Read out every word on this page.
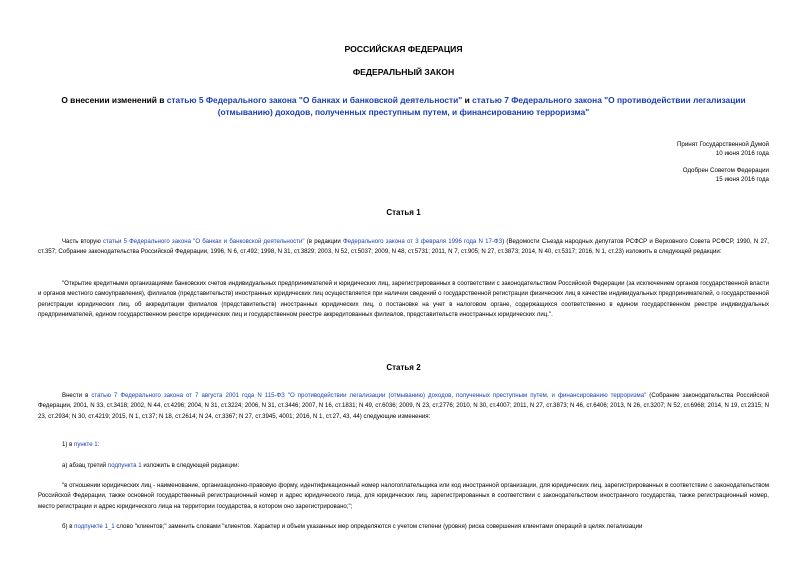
РОССИЙСКАЯ ФЕДЕРАЦИЯ
ФЕДЕРАЛЬНЫЙ ЗАКОН
О внесении изменений в статью 5 Федерального закона "О банках и банковской деятельности" и статью 7 Федерального закона "О противодействии легализации (отмыванию) доходов, полученных преступным путем, и финансированию терроризма"
Принят Государственной Думой
10 июня 2016 года
Одобрен Советом Федерации
15 июня 2016 года
Статья 1

Часть вторую статьи 5 Федерального закона "О банках и банковской деятельности" (в редакции Федерального закона от 3 февраля 1996 года N 17-ФЗ) (Ведомости Съезда народных депутатов РСФСР и Верховного Совета РСФСР, 1990, N 27, ст.357; Собрание законодательства Российской Федерации, 1996, N 6, ст.492; 1998, N 31, ст.3829; 2003, N 52, ст.5037; 2009, N 48, ст.5731; 2011, N 7, ст.905; N 27, ст.3873; 2014, N 40, ст.5317; 2016, N 1, ст.23) изложить в следующей редакции:

"Открытие кредитными организациями банковских счетов индивидуальных предпринимателей и юридических лиц, зарегистрированных в соответствии с законодательством Российской Федерации (за исключением органов государственной власти и органов местного самоуправления), филиалов (представительств) иностранных юридических лиц осуществляется при наличии сведений о государственной регистрации физических лиц в качестве индивидуальных предпринимателей, о государственной регистрации юридических лиц, об аккредитации филиалов (представительств) иностранных юридических лиц, о постановке на учет в налоговом органе, содержащихся соответственно в едином государственном реестре индивидуальных предпринимателей, едином государственном реестре юридических лиц и государственном реестре аккредитованных филиалов, представительств иностранных юридических лиц.".

Статья 2

Внести в статью 7 Федерального закона от 7 августа 2001 года N 115-ФЗ "О противодействии легализации (отмыванию) доходов, полученных преступным путем, и финансированию терроризма" (Собрание законодательства Российской Федерации, 2001, N 33, ст.3418; 2002, N 44, ст.4296; 2004, N 31, ст.3224; 2006, N 31, ст.3446; 2007, N 16, ст.1831; N 49, ст.6036; 2009, N 23, ст.2776; 2010, N 30, ст.4007; 2011, N 27, ст.3873; N 46, ст.6406; 2013, N 26, ст.3207; N 52, ст.6968; 2014, N 19, ст.2315; N 23, ст.2934; N 30, ст.4219; 2015, N 1, ст.37; N 18, ст.2614; N 24, ст.3367; N 27, ст.3945, 4001; 2016, N 1, ст.27, 43, 44) следующие изменения:

1) в пункте 1:

а) абзац третий подпункта 1 изложить в следующей редакции:

"в отношении юридических лиц - наименование, организационно-правовую форму, идентификационный номер налогоплательщика или код иностранной организации, для юридических лиц, зарегистрированных в соответствии с законодательством Российской Федерации, также основной государственный регистрационный номер и адрес юридического лица, для юридических лиц, зарегистрированных в соответствии с законодательством иностранного государства, также регистрационный номер, место регистрации и адрес юридического лица на территории государства, в котором оно зарегистрировано;";

б) в подпункте 1_1 слово "клиентов;" заменить словами "клиентов. Характер и объем указанных мер определяются с учетом степени (уровня) риска совершения клиентами операций в целях легализации
